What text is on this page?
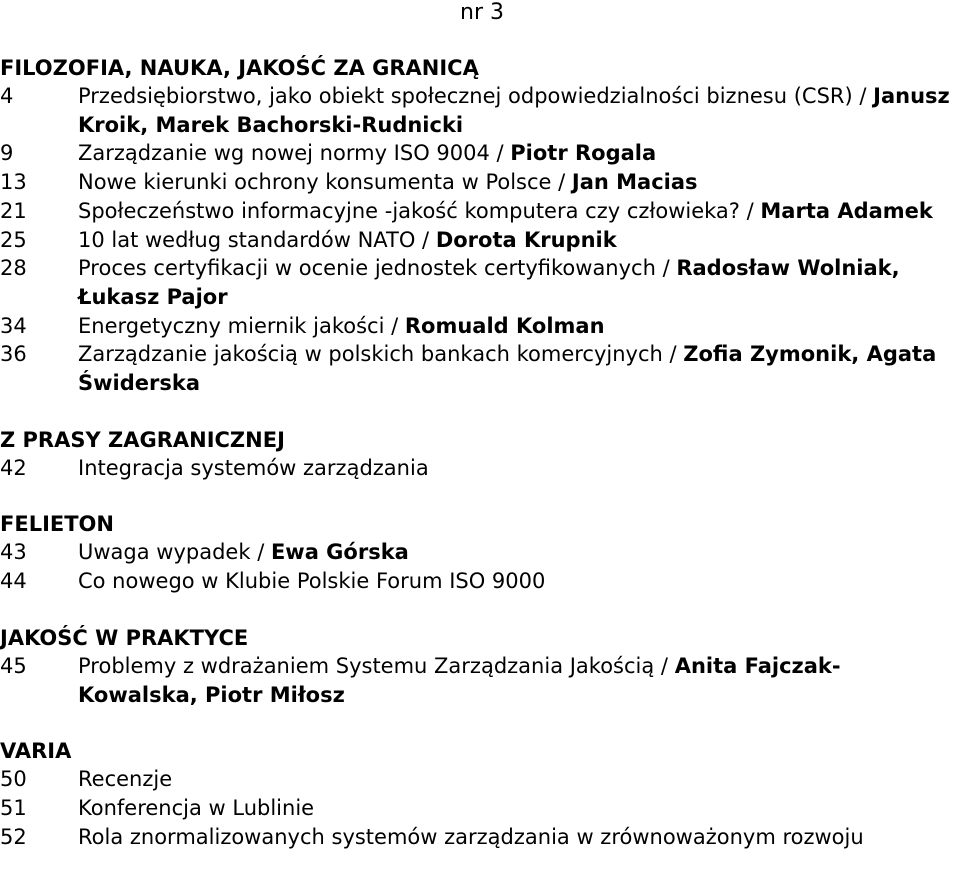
nr 3
FILOZOFIA, NAUKA, JAKOŚĆ ZA GRANICĄ
4	Przedsiębiorstwo, jako obiekt społecznej odpowiedzialności biznesu (CSR) / Janusz Kroik, Marek Bachorski-Rudnicki
9	Zarządzanie wg nowej normy ISO 9004 / Piotr Rogala
13	Nowe kierunki ochrony konsumenta w Polsce / Jan Macias
21	Społeczeństwo informacyjne -jakość komputera czy człowieka? / Marta Adamek
25	10 lat według standardów NATO / Dorota Krupnik
28	Proces certyfikacji w ocenie jednostek certyfikowanych / Radosław Wolniak, Łukasz Pajor
34	Energetyczny miernik jakości / Romuald Kolman
36	Zarządzanie jakością w polskich bankach komercyjnych / Zofia Zymonik, Agata Świderska
Z PRASY ZAGRANICZNEJ
42	Integracja systemów zarządzania
FELIETON
43	Uwaga wypadek / Ewa Górska
44	Co nowego w Klubie Polskie Forum ISO 9000
JAKOŚĆ W PRAKTYCE
45	Problemy z wdrażaniem Systemu Zarządzania Jakością / Anita Fajczak-Kowalska, Piotr Miłosz
VARIA
50	Recenzje
51	Konferencja w Lublinie
52	Rola znormalizowanych systemów zarządzania w zrównoważonym rozwoju
